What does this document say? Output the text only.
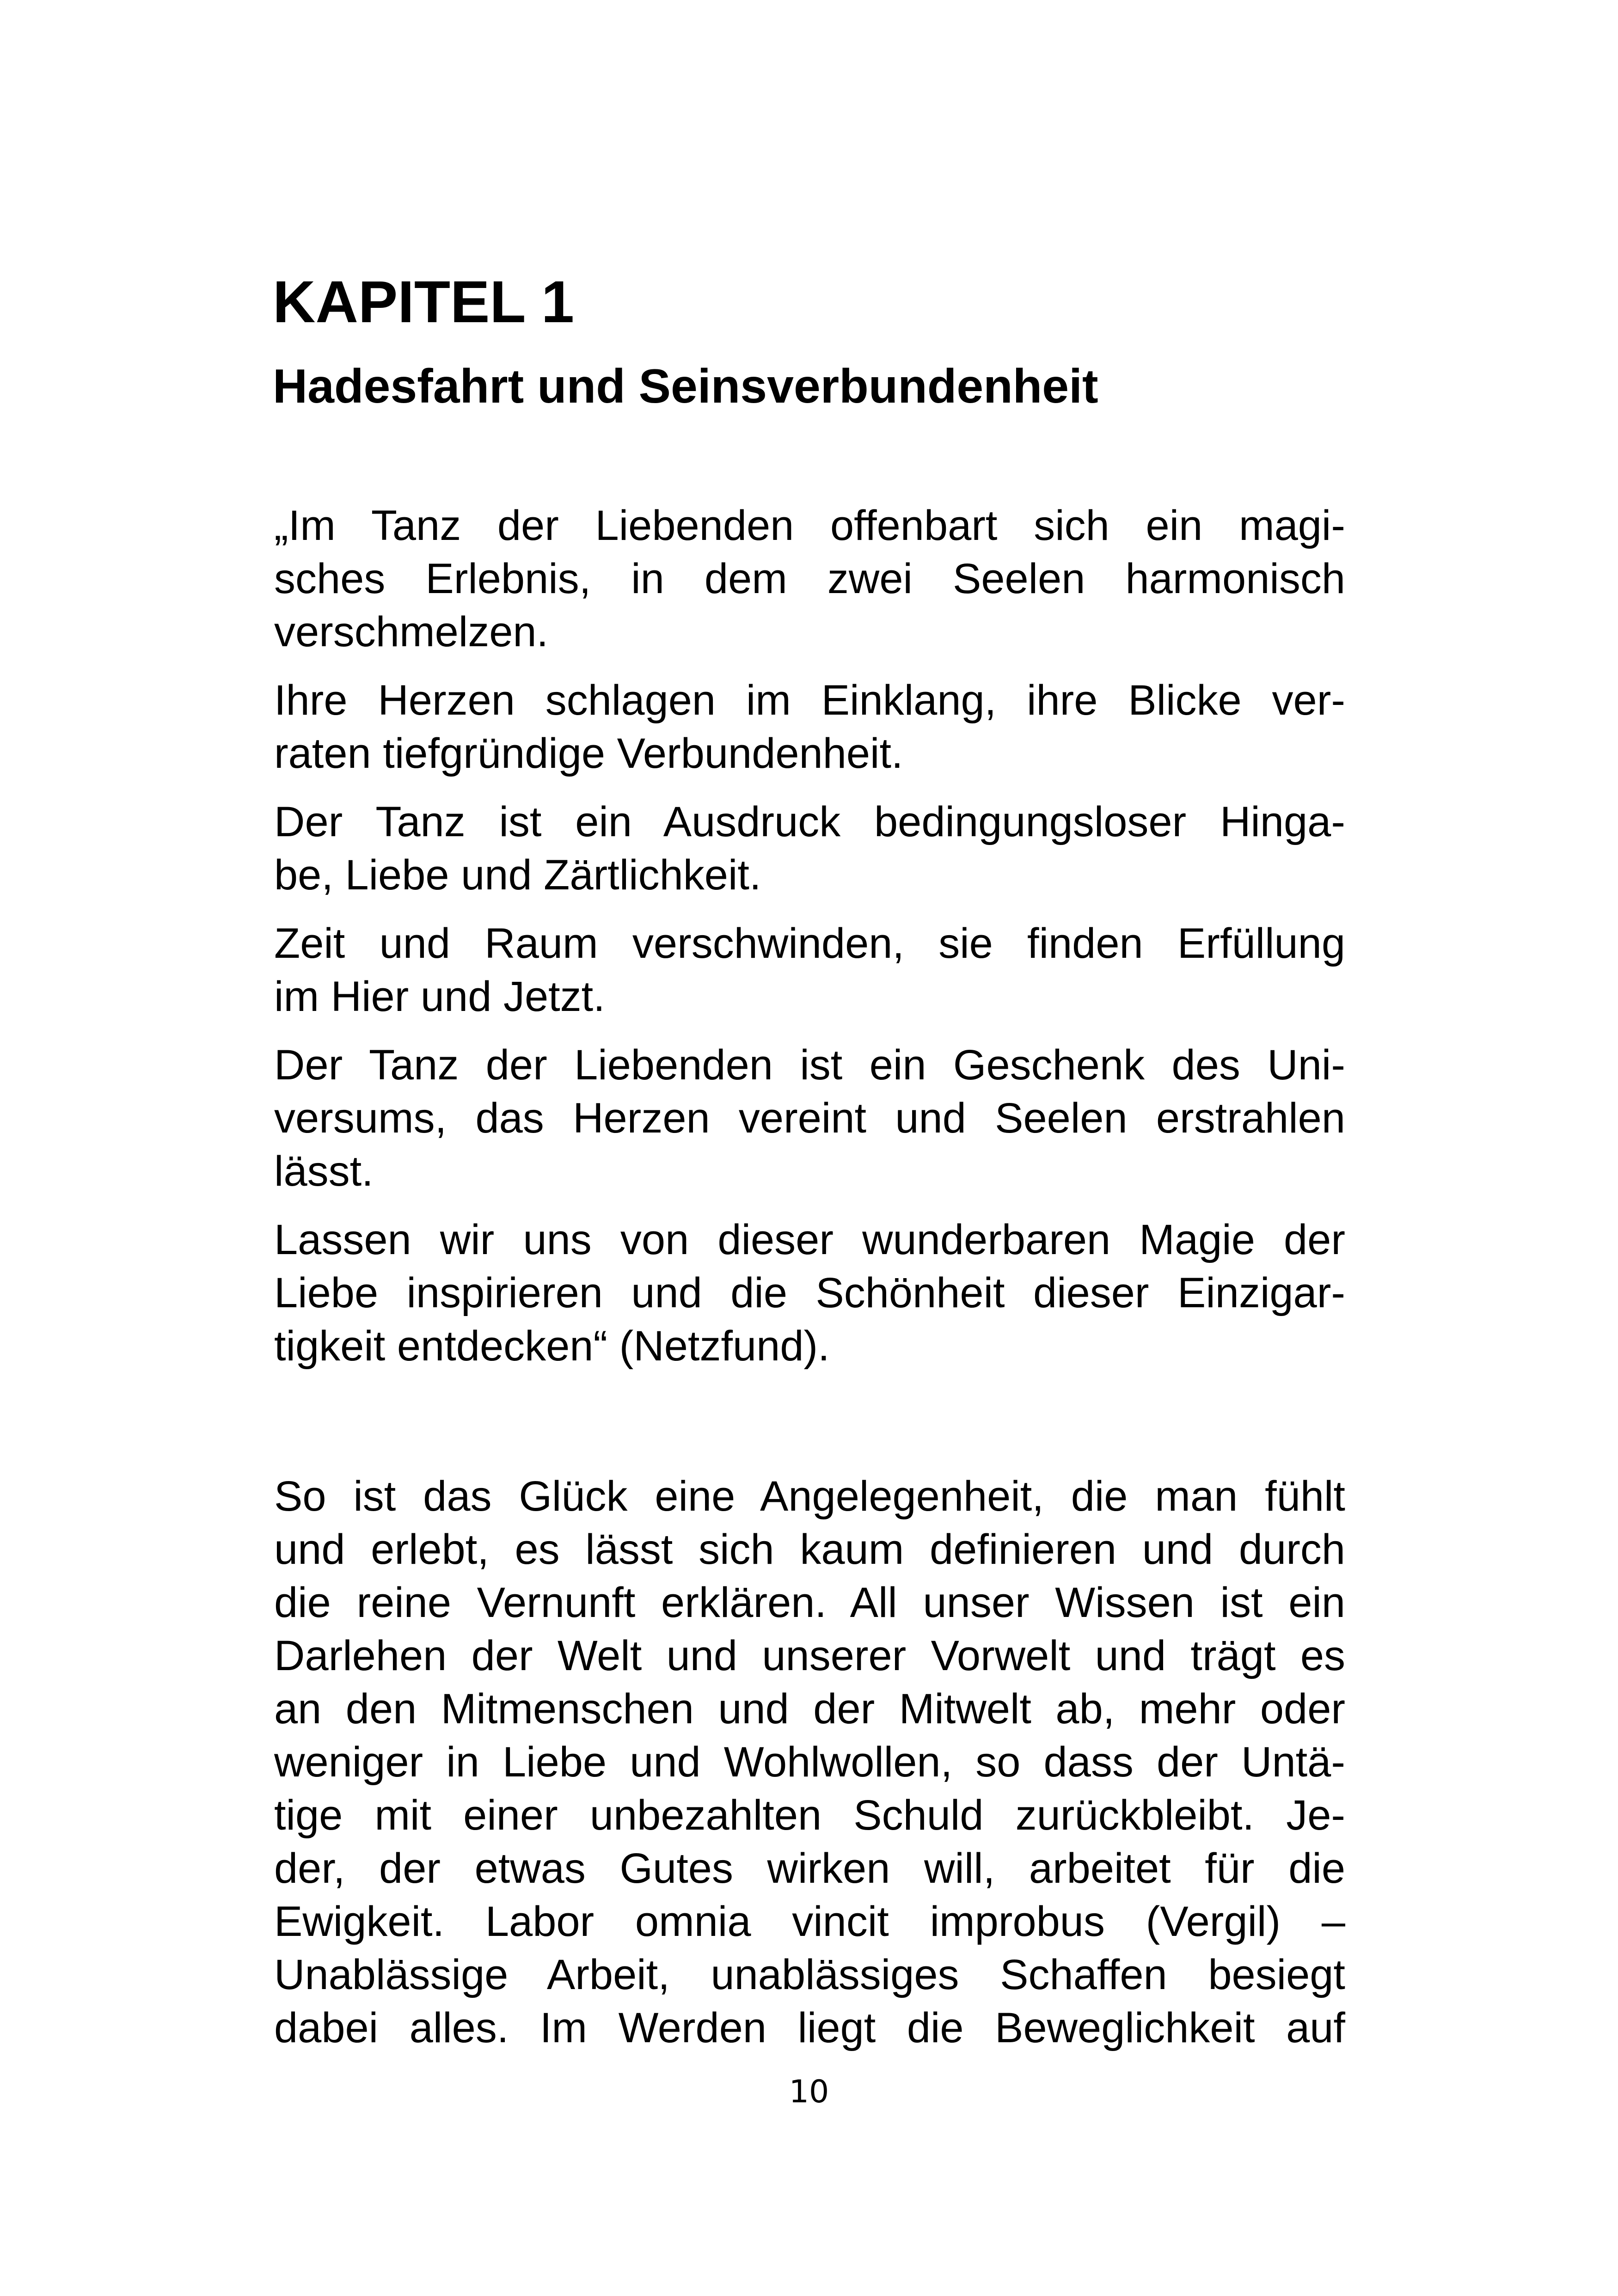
KAPITEL 1
Hadesfahrt und Seinsverbundenheit
„Im Tanz der Liebenden offenbart sich ein magi-
sches Erlebnis, in dem zwei Seelen harmonisch
verschmelzen.
Ihre Herzen schlagen im Einklang, ihre Blicke ver-
raten tiefgründige Verbundenheit.
Der Tanz ist ein Ausdruck bedingungsloser Hinga-
be, Liebe und Zärtlichkeit.
Zeit und Raum verschwinden, sie finden Erfüllung
im Hier und Jetzt.
Der Tanz der Liebenden ist ein Geschenk des Uni-
versums, das Herzen vereint und Seelen erstrahlen
lässt.
Lassen wir uns von dieser wunderbaren Magie der
Liebe inspirieren und die Schönheit dieser Einzigar-
tigkeit entdecken“ (Netzfund).
So ist das Glück eine Angelegenheit, die man fühlt
und erlebt, es lässt sich kaum definieren und durch
die reine Vernunft erklären. All unser Wissen ist ein
Darlehen der Welt und unserer Vorwelt und trägt es
an den Mitmenschen und der Mitwelt ab, mehr oder
weniger in Liebe und Wohlwollen, so dass der Untä-
tige mit einer unbezahlten Schuld zurückbleibt. Je-
der, der etwas Gutes wirken will, arbeitet für die
Ewigkeit. Labor omnia vincit improbus (Vergil) –
Unablässige Arbeit, unablässiges Schaffen besiegt
dabei alles. Im Werden liegt die Beweglichkeit auf
10
